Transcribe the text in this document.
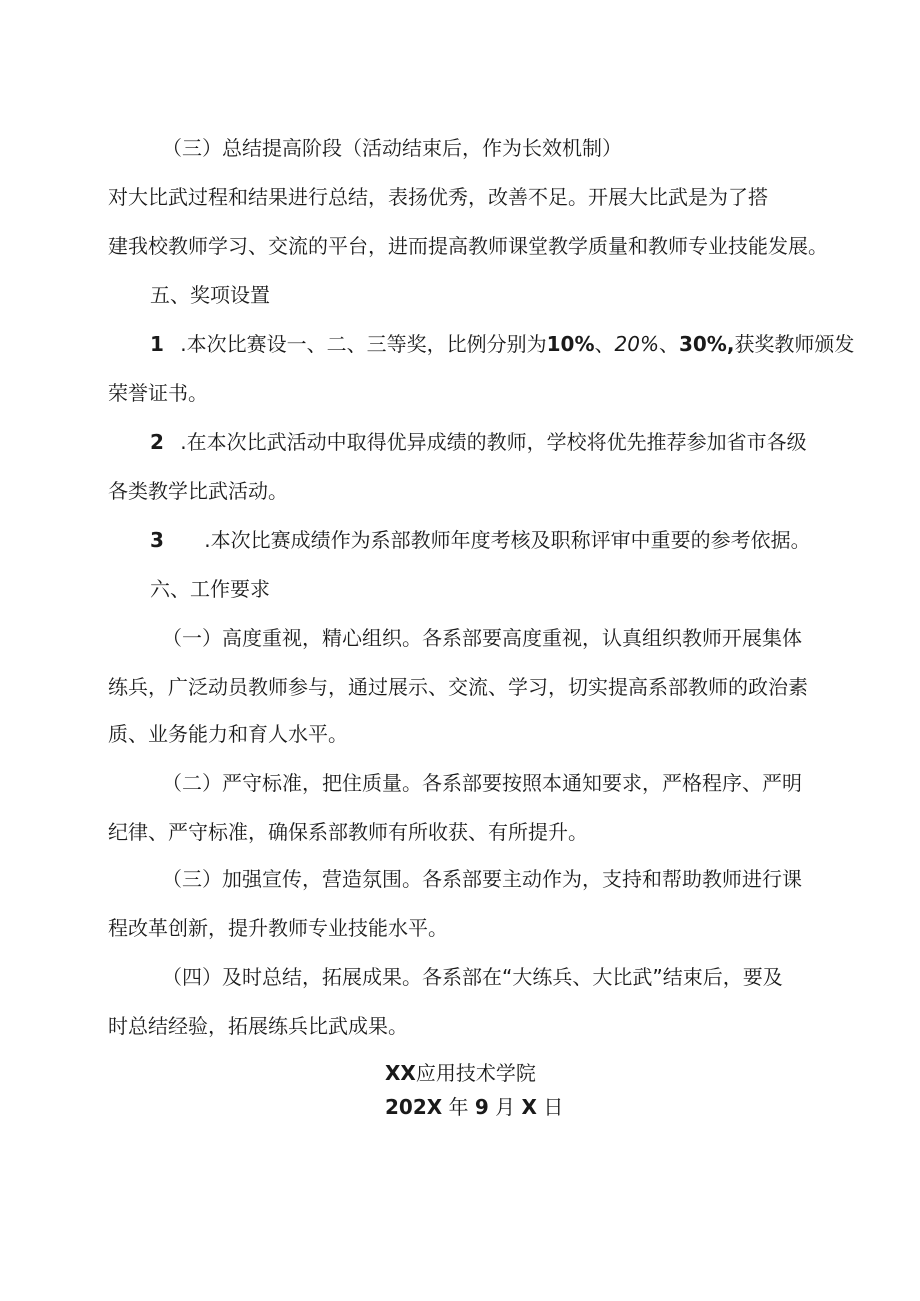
（三）总结提高阶段（活动结束后，作为长效机制）
对大比武过程和结果进行总结，表扬优秀，改善不足。开展大比武是为了搭
建我校教师学习、交流的平台，进而提高教师课堂教学质量和教师专业技能发展。
五、奖项设置
1 .本次比赛设一、二、三等奖，比例分别为10%、20%、30%,获奖教师颁发
荣誉证书。
2 .在本次比武活动中取得优异成绩的教师，学校将优先推荐参加省市各级
各类教学比武活动。
3 .本次比赛成绩作为系部教师年度考核及职称评审中重要的参考依据。
六、工作要求
（一）高度重视，精心组织。各系部要高度重视，认真组织教师开展集体
练兵，广泛动员教师参与，通过展示、交流、学习，切实提高系部教师的政治素
质、业务能力和育人水平。
（二）严守标准，把住质量。各系部要按照本通知要求，严格程序、严明
纪律、严守标准，确保系部教师有所收获、有所提升。
（三）加强宣传，营造氛围。各系部要主动作为，支持和帮助教师进行课
程改革创新，提升教师专业技能水平。
（四）及时总结，拓展成果。各系部在“大练兵、大比武”结束后，要及
时总结经验，拓展练兵比武成果。
XX应用技术学院
202X 年 9 月 X 日
